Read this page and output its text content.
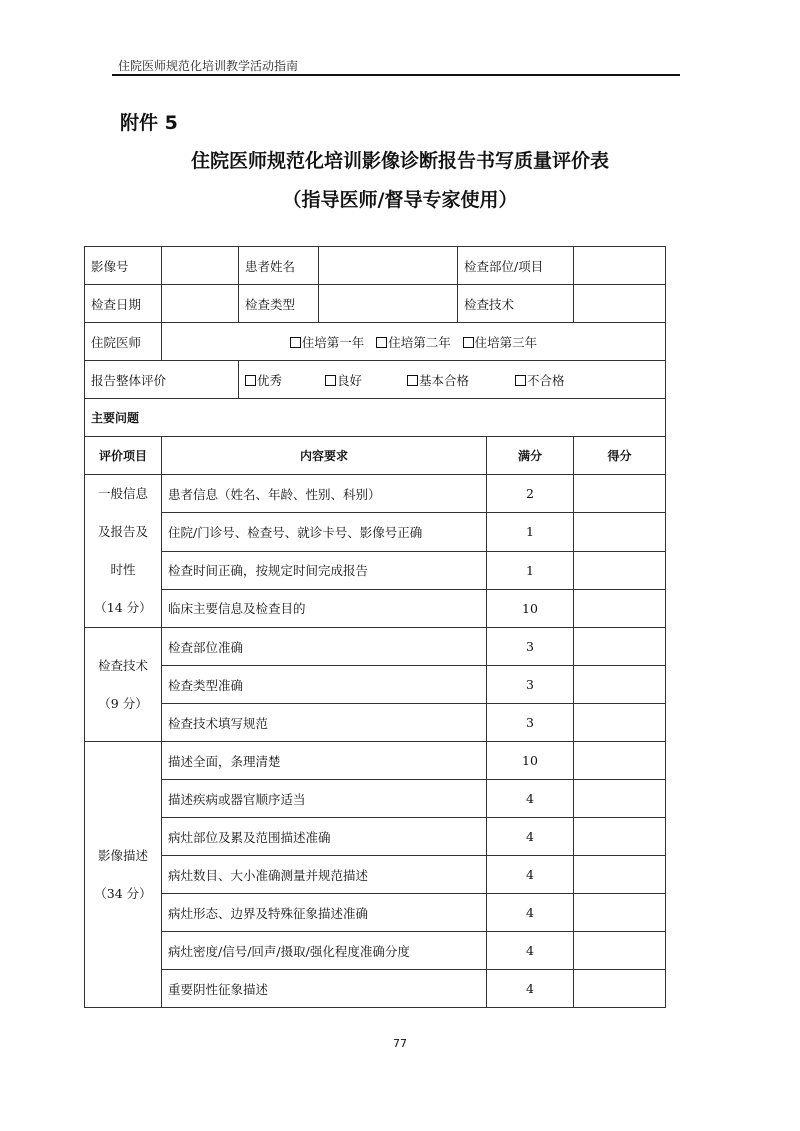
住院医师规范化培训教学活动指南
附件 5
住院医师规范化培训影像诊断报告书写质量评价表
（指导医师/督导专家使用）
影像号		患者姓名		检查部位/项目		
检查日期		检查类型		检查技术		
住院医师	住培第一年 住培第二年 住培第三年					
报告整体评价		优秀 良好 基本合格 不合格				
主要问题						
评价项目	内容要求				满分	得分

一般信息
及报告及
时性
（14 分）	患者信息（姓名、年龄、性别、科别）				2	
	住院/门诊号、检查号、就诊卡号、影像号正确				1	
	检查时间正确，按规定时间完成报告				1	
	临床主要信息及检查目的				10	

检查技术
（9 分）	检查部位准确				3	
	检查类型准确				3	
	检查技术填写规范				3	

影像描述
（34 分）	描述全面，条理清楚				10	
	描述疾病或器官顺序适当				4	
	病灶部位及累及范围描述准确				4	
	病灶数目、大小准确测量并规范描述				4	
	病灶形态、边界及特殊征象描述准确				4	
	病灶密度/信号/回声/摄取/强化程度准确分度				4	
	重要阴性征象描述				4	
77
